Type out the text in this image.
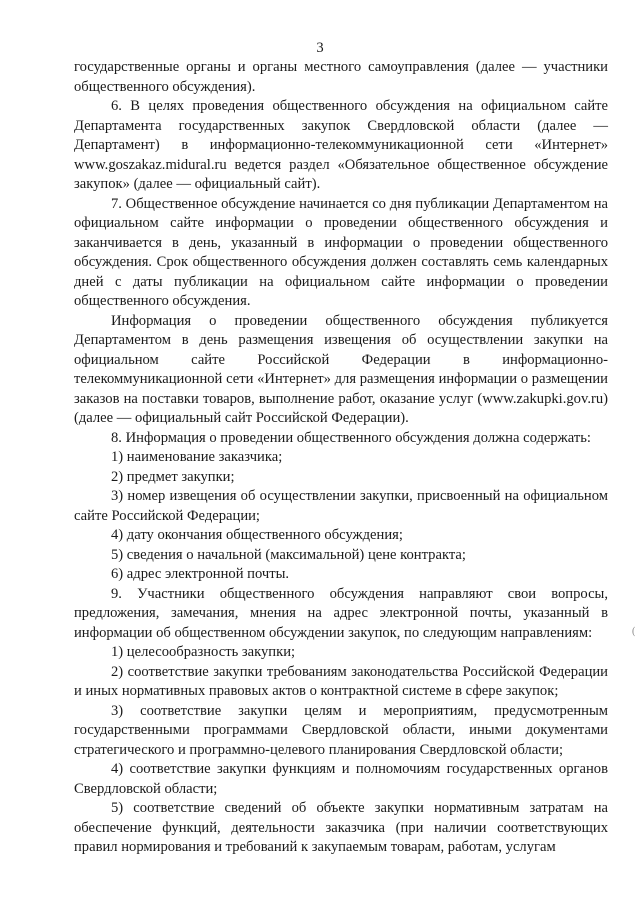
3

государственные органы и органы местного самоуправления (далее — участники общественного обсуждения).

6. В целях проведения общественного обсуждения на официальном сайте Департамента государственных закупок Свердловской области (далее — Департамент) в информационно-телекоммуникационной сети «Интернет» www.goszakaz.midural.ru ведется раздел «Обязательное общественное обсуждение закупок» (далее — официальный сайт).

7. Общественное обсуждение начинается со дня публикации Департаментом на официальном сайте информации о проведении общественного обсуждения и заканчивается в день, указанный в информации о проведении общественного обсуждения. Срок общественного обсуждения должен составлять семь календарных дней с даты публикации на официальном сайте информации о проведении общественного обсуждения.

Информация о проведении общественного обсуждения публикуется Департаментом в день размещения извещения об осуществлении закупки на официальном сайте Российской Федерации в информационно-телекоммуникационной сети «Интернет» для размещения информации о размещении заказов на поставки товаров, выполнение работ, оказание услуг (www.zakupki.gov.ru) (далее — официальный сайт Российской Федерации).

8. Информация о проведении общественного обсуждения должна содержать:

1) наименование заказчика;

2) предмет закупки;

3) номер извещения об осуществлении закупки, присвоенный на официальном сайте Российской Федерации;

4) дату окончания общественного обсуждения;

5) сведения о начальной (максимальной) цене контракта;

6) адрес электронной почты.

9. Участники общественного обсуждения направляют свои вопросы, предложения, замечания, мнения на адрес электронной почты, указанный в информации об общественном обсуждении закупок, по следующим направлениям:

1) целесообразность закупки;

2) соответствие закупки требованиям законодательства Российской Федерации и иных нормативных правовых актов о контрактной системе в сфере закупок;

3) соответствие закупки целям и мероприятиям, предусмотренным государственными программами Свердловской области, иными документами стратегического и программно-целевого планирования Свердловской области;

4) соответствие закупки функциям и полномочиям государственных органов Свердловской области;

5) соответствие сведений об объекте закупки нормативным затратам на обеспечение функций, деятельности заказчика (при наличии соответствующих правил нормирования и требований к закупаемым товарам, работам, услугам

(
